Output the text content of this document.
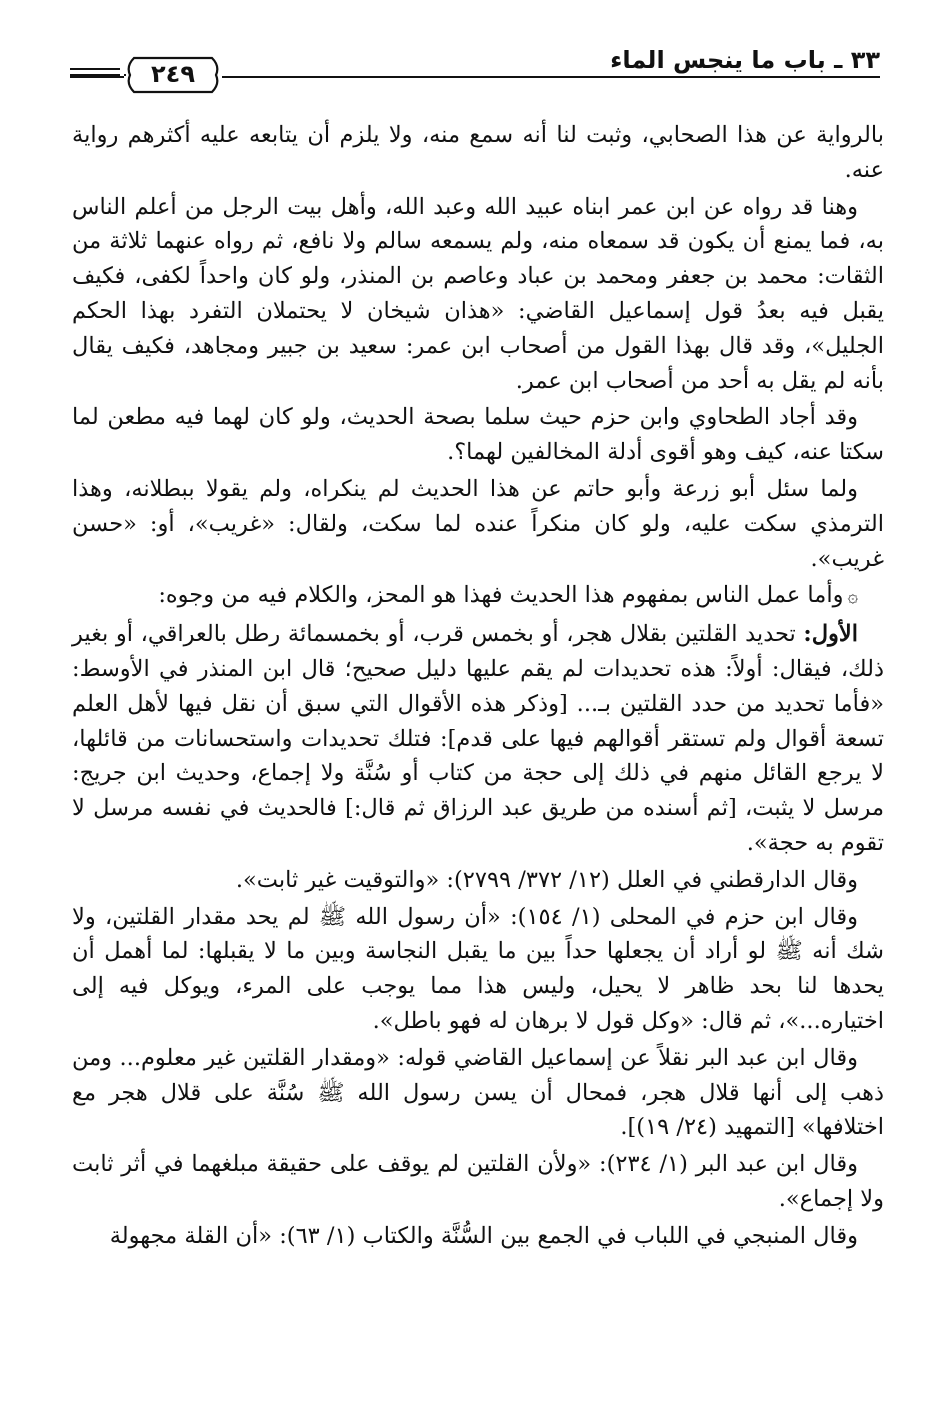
٣٣ ـ باب ما ينجس الماء
٢٤٩

بالرواية عن هذا الصحابي، وثبت لنا أنه سمع منه، ولا يلزم أن يتابعه عليه أكثرهم رواية عنه.

وهنا قد رواه عن ابن عمر ابناه عبيد الله وعبد الله، وأهل بيت الرجل من أعلم الناس به، فما يمنع أن يكون قد سمعاه منه، ولم يسمعه سالم ولا نافع، ثم رواه عنهما ثلاثة من الثقات: محمد بن جعفر ومحمد بن عباد وعاصم بن المنذر، ولو كان واحداً لكفى، فكيف يقبل فيه بعدُ قول إسماعيل القاضي: «هذان شيخان لا يحتملان التفرد بهذا الحكم الجليل»، وقد قال بهذا القول من أصحاب ابن عمر: سعيد بن جبير ومجاهد، فكيف يقال بأنه لم يقل به أحد من أصحاب ابن عمر.

وقد أجاد الطحاوي وابن حزم حيث سلما بصحة الحديث، ولو كان لهما فيه مطعن لما سكتا عنه، كيف وهو أقوى أدلة المخالفين لهما؟.

ولما سئل أبو زرعة وأبو حاتم عن هذا الحديث لم ينكراه، ولم يقولا ببطلانه، وهذا الترمذي سكت عليه، ولو كان منكراً عنده لما سكت، ولقال: «غريب»، أو: «حسن غريب».

۞وأما عمل الناس بمفهوم هذا الحديث فهذا هو المحز، والكلام فيه من وجوه:

الأول: تحديد القلتين بقلال هجر، أو بخمس قرب، أو بخمسمائة رطل بالعراقي، أو بغير ذلك، فيقال: أولاً: هذه تحديدات لم يقم عليها دليل صحيح؛ قال ابن المنذر في الأوسط: «فأما تحديد من حدد القلتين بـ... [وذكر هذه الأقوال التي سبق أن نقل فيها لأهل العلم تسعة أقوال ولم تستقر أقوالهم فيها على قدم]: فتلك تحديدات واستحسانات من قائلها، لا يرجع القائل منهم في ذلك إلى حجة من كتاب أو سُنَّة ولا إجماع، وحديث ابن جريج: مرسل لا يثبت، [ثم أسنده من طريق عبد الرزاق ثم قال:] فالحديث في نفسه مرسل لا تقوم به حجة».

وقال الدارقطني في العلل (١٢/ ٣٧٢/ ٢٧٩٩): «والتوقيت غير ثابت».

وقال ابن حزم في المحلى (١/ ١٥٤): «أن رسول الله ﷺ لم يحد مقدار القلتين، ولا شك أنه ﷺ لو أراد أن يجعلها حداً بين ما يقبل النجاسة وبين ما لا يقبلها: لما أهمل أن يحدها لنا بحد ظاهر لا يحيل، وليس هذا مما يوجب على المرء، ويوكل فيه إلى اختياره...»، ثم قال: «وكل قول لا برهان له فهو باطل».

وقال ابن عبد البر نقلاً عن إسماعيل القاضي قوله: «ومقدار القلتين غير معلوم... ومن ذهب إلى أنها قلال هجر، فمحال أن يسن رسول الله ﷺ سُنَّة على قلال هجر مع اختلافها» [التمهيد (٢٤/ ١٩)].

وقال ابن عبد البر (١/ ٢٣٤): «ولأن القلتين لم يوقف على حقيقة مبلغهما في أثر ثابت ولا إجماع».

وقال المنبجي في اللباب في الجمع بين السُّنَّة والكتاب (١/ ٦٣): «أن القلة مجهولة
